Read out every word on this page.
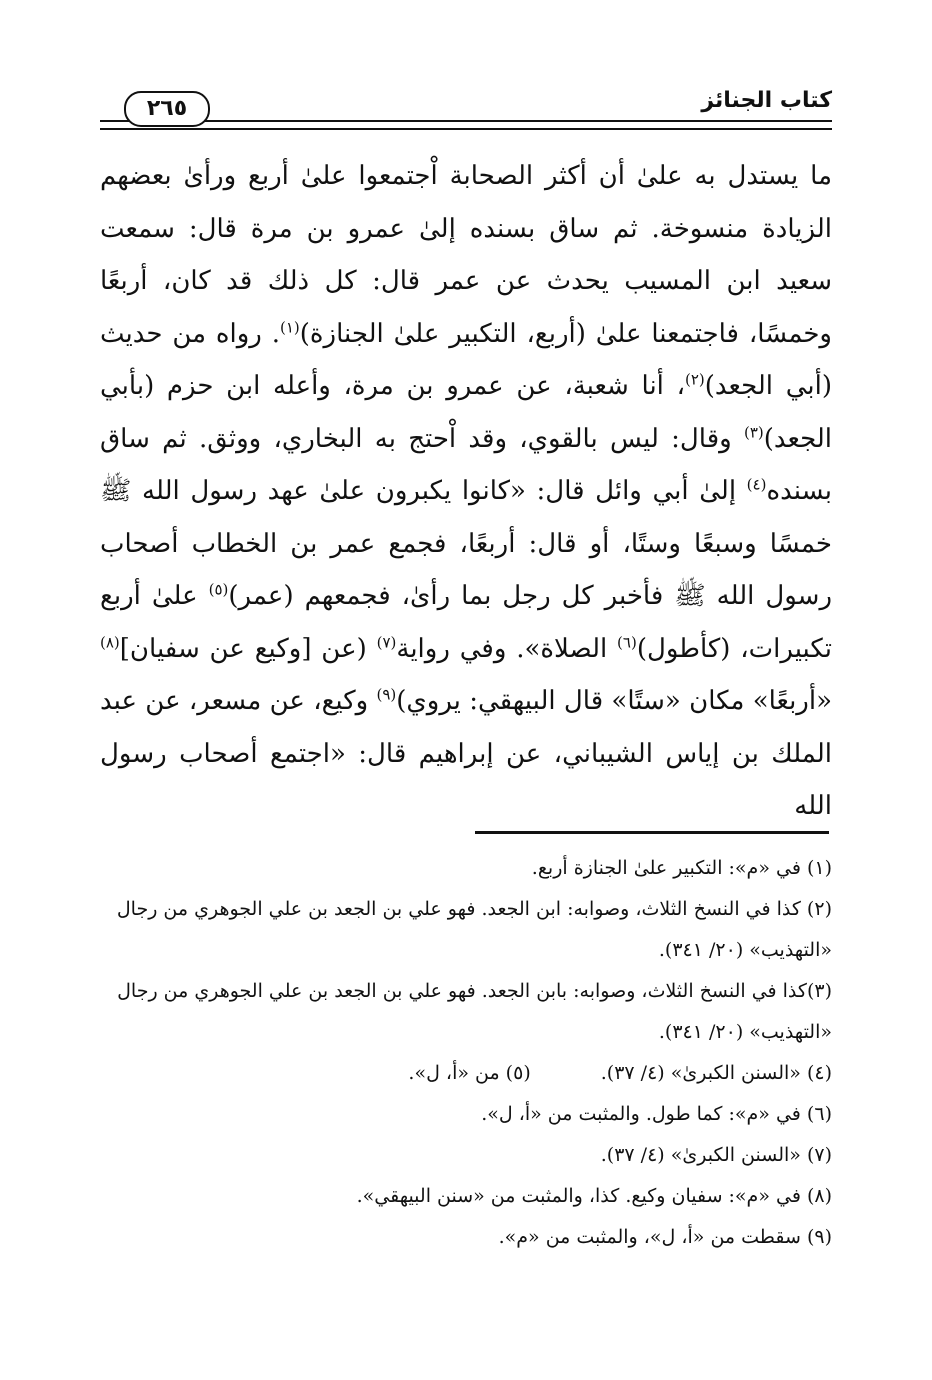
كتاب الجنائز
٢٦٥
ما يستدل به علىٰ أن أكثر الصحابة اْجتمعوا علىٰ أربع ورأىٰ بعضهم الزيادة منسوخة. ثم ساق بسنده إلىٰ عمرو بن مرة قال: سمعت سعيد ابن المسيب يحدث عن عمر قال: كل ذلك قد كان، أربعًا وخمسًا، فاجتمعنا علىٰ (أربع، التكبير علىٰ الجنازة)$^{(١)}$. رواه من حديث (أبي الجعد)$^{(٢)}$، أنا شعبة، عن عمرو بن مرة، وأعله ابن حزم (بأبي الجعد)$^{(٣)}$ وقال: ليس بالقوي، وقد اْحتج به البخاري، ووثق. ثم ساق بسنده$^{(٤)}$ إلىٰ أبي وائل قال: «كانوا يكبرون علىٰ عهد رسول الله ﷺ خمسًا وسبعًا وستًا، أو قال: أربعًا، فجمع عمر بن الخطاب أصحاب رسول الله ﷺ فأخبر كل رجل بما رأىٰ، فجمعهم (عمر)$^{(٥)}$ علىٰ أربع تكبيرات، (كأطول)$^{(٦)}$ الصلاة». وفي رواية$^{(٧)}$ (عن [وكيع عن سفيان]$^{(٨)}$ «أربعًا» مكان «ستًا» قال البيهقي: يروي)$^{(٩)}$ وكيع، عن مسعر، عن عبد الملك بن إياس الشيباني، عن إبراهيم قال: «اجتمع أصحاب رسول الله
(١) في «م»: التكبير علىٰ الجنازة أربع.
(٢) كذا في النسخ الثلاث، وصوابه: ابن الجعد. فهو علي بن الجعد بن علي الجوهري من رجال «التهذيب» (٢٠/ ٣٤١).
(٣)كذا في النسخ الثلاث، وصوابه: بابن الجعد. فهو علي بن الجعد بن علي الجوهري من رجال «التهذيب» (٢٠/ ٣٤١).
(٤) «السنن الكبرىٰ» (٤/ ٣٧).
(٥) من «أ، ل».
(٦) في «م»: كما طول. والمثبت من «أ، ل».
(٧) «السنن الكبرىٰ» (٤/ ٣٧).
(٨) في «م»: سفيان وكيع. كذا، والمثبت من «سنن البيهقي».
(٩) سقطت من «أ، ل»، والمثبت من «م».
